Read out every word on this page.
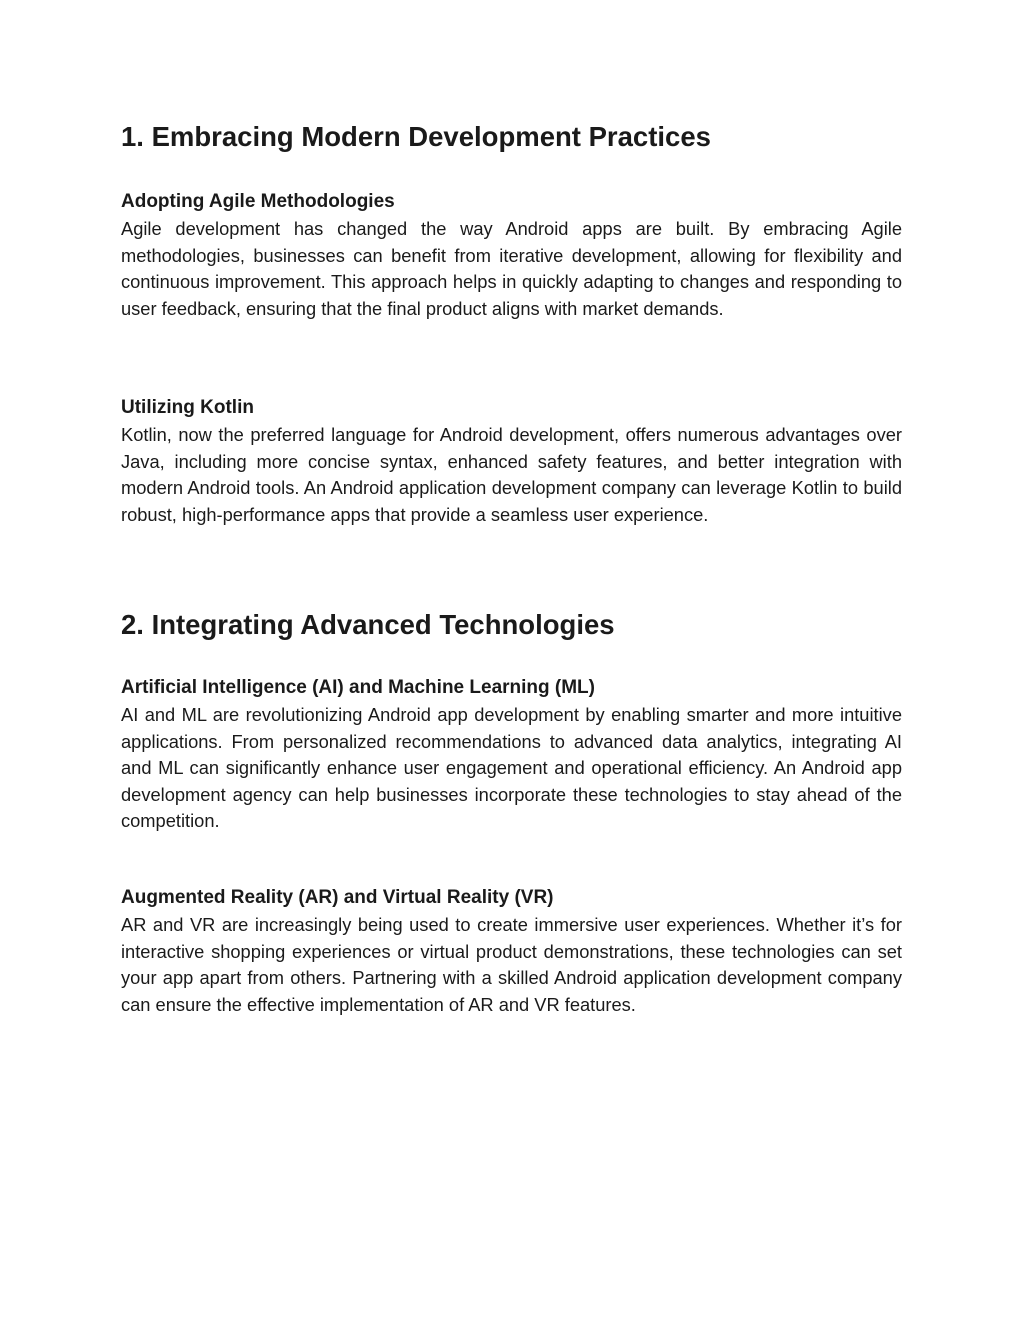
1. Embracing Modern Development Practices
Adopting Agile Methodologies

Agile development has changed the way Android apps are built. By embracing Agile methodologies, businesses can benefit from iterative development, allowing for flexibility and continuous improvement. This approach helps in quickly adapting to changes and responding to user feedback, ensuring that the final product aligns with market demands.

Utilizing Kotlin

Kotlin, now the preferred language for Android development, offers numerous advantages over Java, including more concise syntax, enhanced safety features, and better integration with modern Android tools. An Android application development company can leverage Kotlin to build robust, high-performance apps that provide a seamless user experience.

2. Integrating Advanced Technologies
Artificial Intelligence (AI) and Machine Learning (ML)

AI and ML are revolutionizing Android app development by enabling smarter and more intuitive applications. From personalized recommendations to advanced data analytics, integrating AI and ML can significantly enhance user engagement and operational efficiency. An Android app development agency can help businesses incorporate these technologies to stay ahead of the competition.

Augmented Reality (AR) and Virtual Reality (VR)

AR and VR are increasingly being used to create immersive user experiences. Whether it’s for interactive shopping experiences or virtual product demonstrations, these technologies can set your app apart from others. Partnering with a skilled Android application development company can ensure the effective implementation of AR and VR features.
